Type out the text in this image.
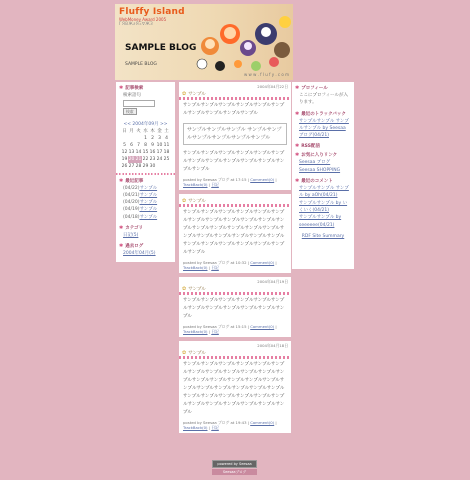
Fluffy Island
WebMoney Award 2005
ГЯВЖ∂ЯΞ∇ЖЗ
SAMPLE BLOG
SAMPLE BLOG
w w w . f l u f y . c o m
✱ 記事検索
検索語句
検索
<< 2004年09月 >>
日	月	火	水	木	金	土
			1	2	3	4
5	6	7	8	9	10	11
12	13	14	15	16	17	18
19	20	21	22	23	24	25
26	27	28	29	30		
✱ 最近記事
(04/22)サンプル
(04/21)サンプル
(04/20)サンプル
(04/19)サンプル
(04/18)サンプル
✱ カテゴリ
日記(5)
✱ 過去ログ
2004年04月(5)
2004年04月22日
✿ サンプル
サンプルサンプルサンプルサンプルサンプルサンプルサンプルサンプルサンプルサンプル
サンプルサンプルサンプル サンプルサンプルサンプルサンプルサンプルサンプル
サンプルサンプルサンプルサンプルサンプルサンプルサンプルサンプルサンプルサンプルサンプルサンプルサンプル
posted by Seesaa ブログ at 17:15 | Comment(0) |
TrackBack(0) | 日記
✿ サンプル
サンプルサンプルサンプルサンプルサンプルサンプルサンプルサンプルサンプルサンプルサンプルサンプルサンプルサンプルサンプルサンプルサンプルサンプルサンプルサンプルサンプルサンプルサンプルサンプルサンプルサンプルサンプルサンプルサンプルサンプル
posted by Seesaa ブログ at 10:32 | Comment(0) |
TrackBack(0) | 日記
2004年04月19日
✿ サンプル
サンプルサンプルサンプルサンプルサンプルサンプルサンプルサンプルサンプルサンプルサンプルサンプル
posted by Seesaa ブログ at 15:15 | Comment(0) |
TrackBack(0) | 日記
2004年04月18日
✿ サンプル
サンプルサンプルサンプルサンプルサンプルサンプルサンプルサンプルサンプルサンプルサンプルサンプルサンプルサンプルサンプルサンプルサンプルサンプルサンプルサンプルサンプルサンプルサンプルサンプルサンプルサンプルサンプルサンプルサンプルサンプルサンプルサンプルサンプルサンプルサンプル
posted by Seesaa ブログ at 19:43 | Comment(0) |
TrackBack(0) | 日記
✱ プロフィール
ここにプロフィールが入ります。
✱ 最近のトラックバック
サンプルサンプル サンプルサンプル by Seesaa ブログ(04/21)
✱ RSS配信
✱ お気に入りリンク
Seesaa ブログ
Seesaa SHOPPING
✱ 最近のコメント
サンプルサンプル サンプル by aOh(04/21)
サンプルサンプル by いくいく(04/21)
サンプルサンプル by seeeeee(04/21)
RDF Site Summary
powered by Seesaa
Seesaaブログ
